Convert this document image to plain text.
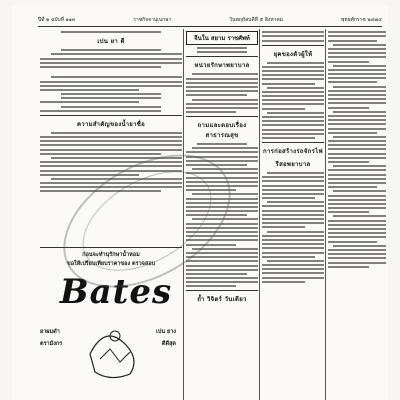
ปีที่ ๒ ฉบับที่ ๑๑๓	ราชกิจจานุเบกษา	วันพฤหัสบดีที่ ๕ สิงหาคม	พุทธศักราช ๒๔๗๔
เปน ยา ดี
ความสำคัญของน้ำยาชื่อ
ก่อนจะทำนุรักษาน้ำหอม
ขอให้เปรียบเทียบราคาของ ตรวจสอบ
Bates
ยาผมดำ
ตรามังกร
เปน ยาง
ดีดีสุด
จีนใน สยาม ราชศัพท์
หน่วยรักษาพยาบาล
ถามและตอบเรื่องสาธารณสุข
ถ้ำ วิจิตร์ วันเดียว
ยุคของตัวผู้ให้
การก่อสร้างรถจักรไฟ
รีสอพยาบาล
